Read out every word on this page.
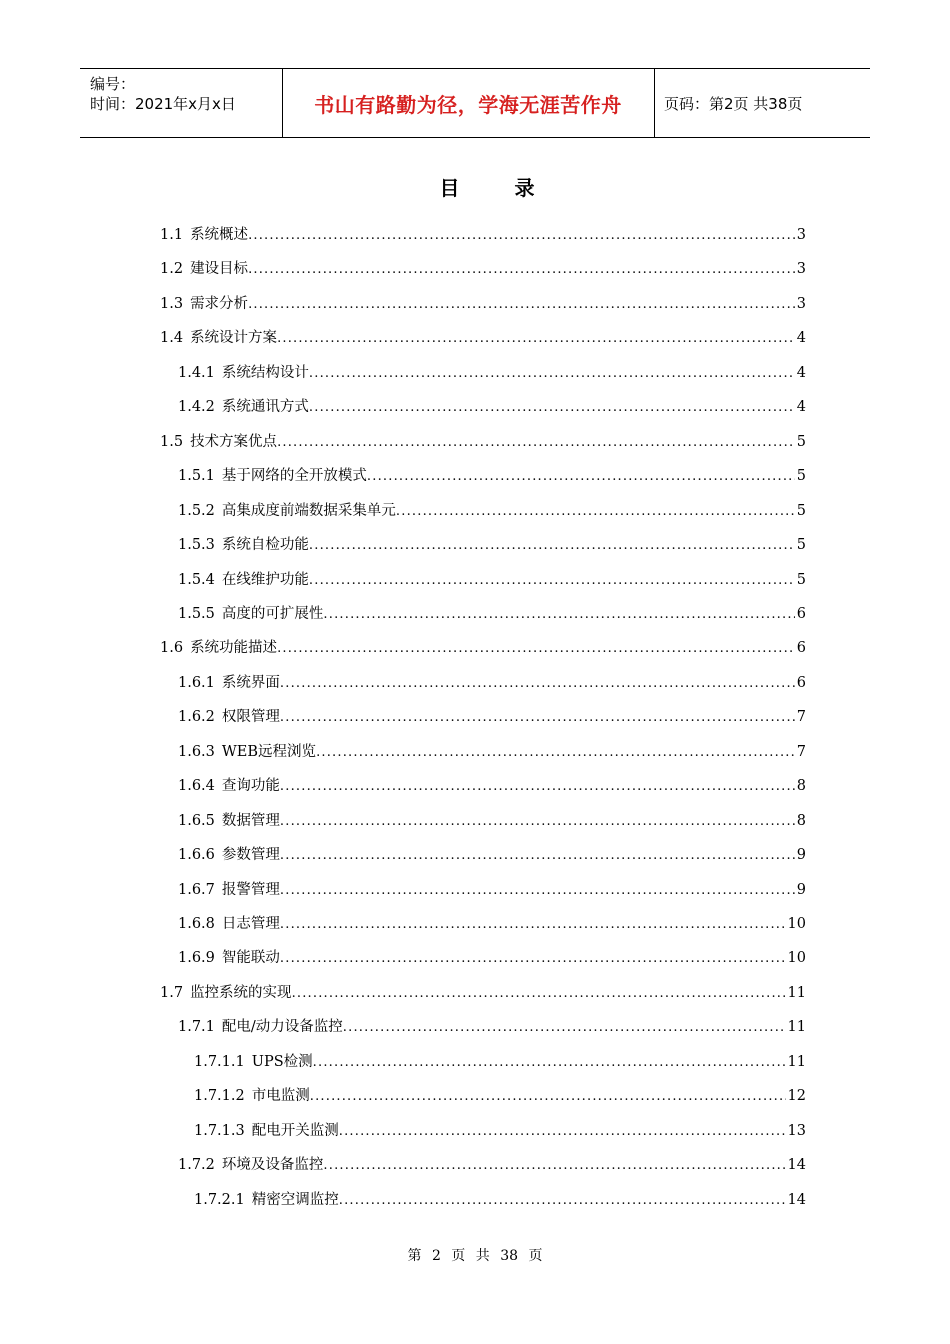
编号：
时间：2021年x月x日	书山有路勤为径，学海无涯苦作舟	页码：第2页 共38页
目 录
1.1 系统概述 .....	3
1.2 建设目标 .....	3
1.3 需求分析 .....	3
1.4 系统设计方案 .....	4
1.4.1 系统结构设计 .....	4
1.4.2 系统通讯方式 .....	4
1.5 技术方案优点 .....	5
1.5.1 基于网络的全开放模式 .....	5
1.5.2 高集成度前端数据采集单元 .....	5
1.5.3 系统自检功能 .....	5
1.5.4 在线维护功能 .....	5
1.5.5 高度的可扩展性 .....	6
1.6 系统功能描述 .....	6
1.6.1 系统界面 .....	6
1.6.2 权限管理 .....	7
1.6.3 WEB远程浏览 .....	7
1.6.4 查询功能 .....	8
1.6.5 数据管理 .....	8
1.6.6 参数管理 .....	9
1.6.7 报警管理 .....	9
1.6.8 日志管理 .....	10
1.6.9 智能联动 .....	10
1.7 监控系统的实现 .....	11
1.7.1 配电/动力设备监控 .....	11
1.7.1.1 UPS检测 .....	11
1.7.1.2 市电监测 .....	12
1.7.1.3 配电开关监测 .....	13
1.7.2 环境及设备监控 .....	14
1.7.2.1 精密空调监控 .....	14
第 2 页 共 38 页
